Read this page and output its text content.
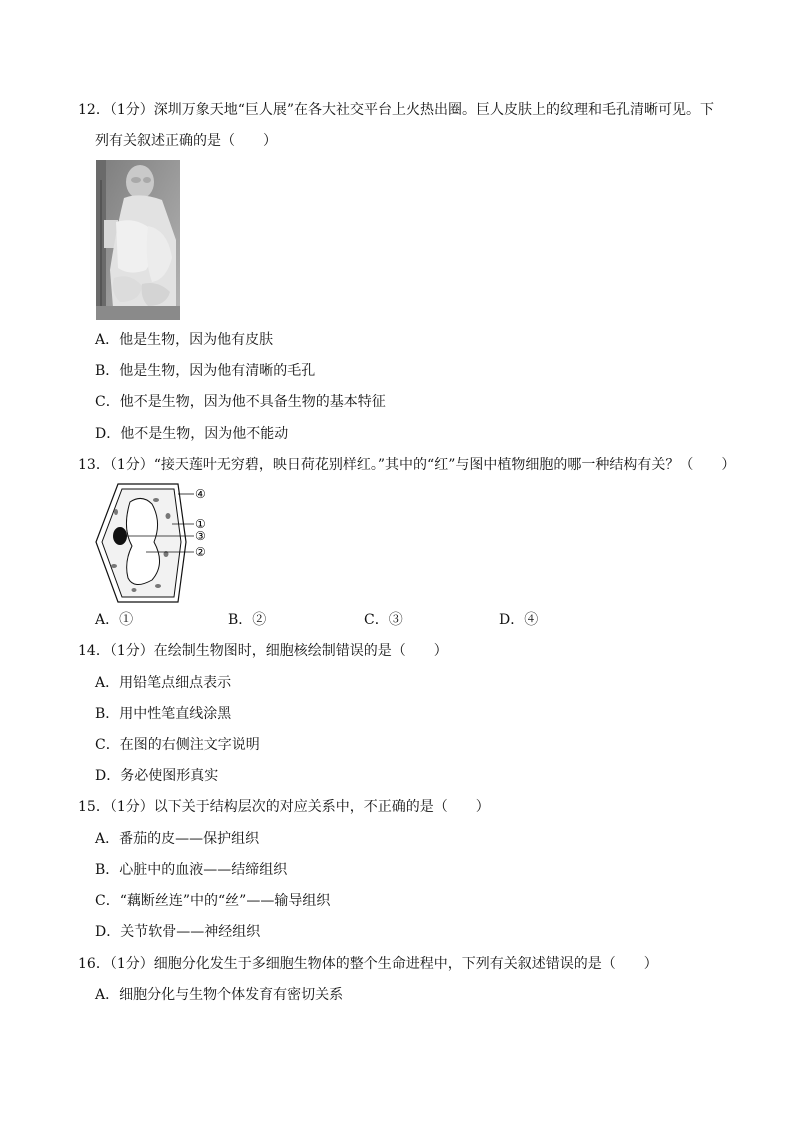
12．（1分）深圳万象天地“巨人展”在各大社交平台上火热出圈。巨人皮肤上的纹理和毛孔清晰可见。下
列有关叙述正确的是（　　）
A．他是生物，因为他有皮肤
B．他是生物，因为他有清晰的毛孔
C．他不是生物，因为他不具备生物的基本特征
D．他不是生物，因为他不能动
13．（1分）“接天莲叶无穷碧，映日荷花别样红。”其中的“红”与图中植物细胞的哪一种结构有关？（　　）
④
①
③
②
A．①	B．②	C．③	D．④
14．（1分）在绘制生物图时，细胞核绘制错误的是（　　）
A．用铅笔点细点表示
B．用中性笔直线涂黑
C．在图的右侧注文字说明
D．务必使图形真实
15．（1分）以下关于结构层次的对应关系中，不正确的是（　　）
A．番茄的皮——保护组织
B．心脏中的血液——结缔组织
C．“藕断丝连”中的“丝”——输导组织
D．关节软骨——神经组织
16．（1分）细胞分化发生于多细胞生物体的整个生命进程中，下列有关叙述错误的是（　　）
A．细胞分化与生物个体发育有密切关系
